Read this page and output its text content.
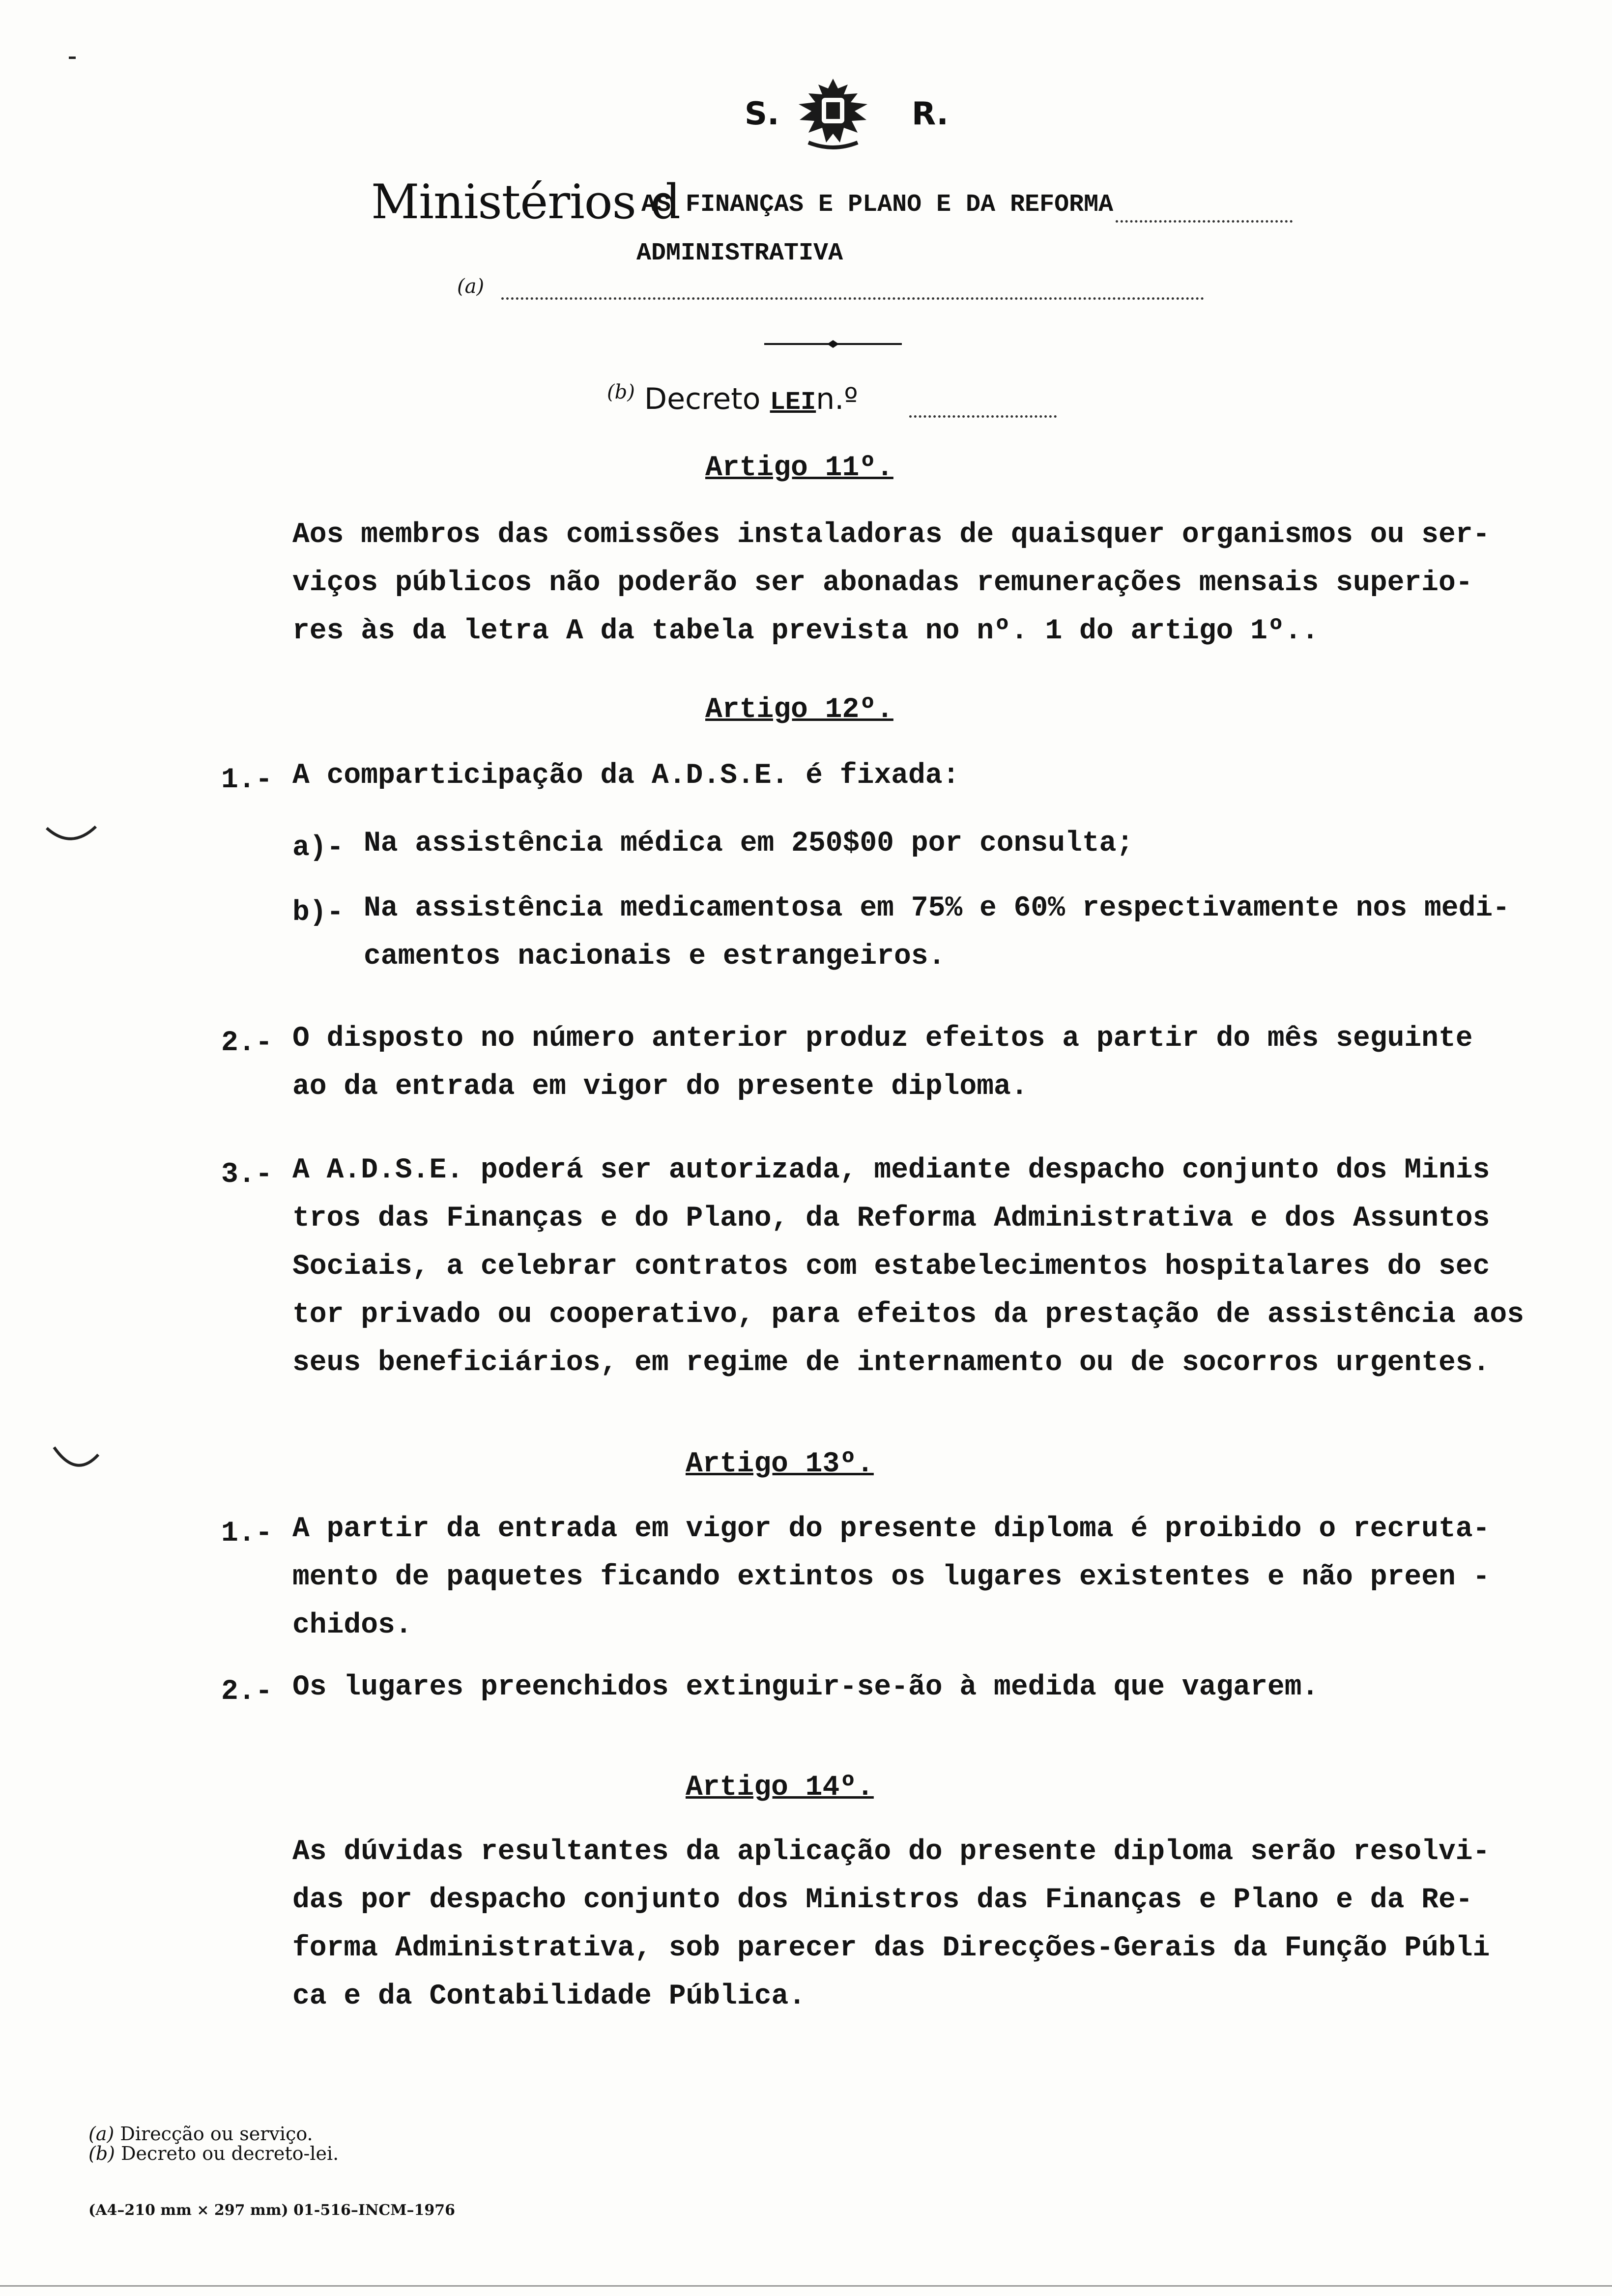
S.	R.
Ministérios d
AS FINANÇAS E PLANO E DA REFORMA
ADMINISTRATIVA
(a)
$^{(b)}$ Decreto LEIn.º
Artigo 11º.

Aos membros das comissões instaladoras de quaisquer organismos ou ser-

viços públicos não poderão ser abonadas remunerações mensais superio-

res às da letra A da tabela prevista no nº. 1 do artigo 1º..

Artigo 12º.
1.- A comparticipação da A.D.S.E. é fixada:

a)- Na assistência médica em 250$00 por consulta;

b)- Na assistência medicamentosa em 75% e 60% respectivamente nos medi-

camentos nacionais e estrangeiros.

2.- O disposto no número anterior produz efeitos a partir do mês seguinte

ao da entrada em vigor do presente diploma.

3.- A A.D.S.E. poderá ser autorizada, mediante despacho conjunto dos Minis

tros das Finanças e do Plano, da Reforma Administrativa e dos Assuntos

Sociais, a celebrar contratos com estabelecimentos hospitalares do sec

tor privado ou cooperativo, para efeitos da prestação de assistência aos

seus beneficiários, em regime de internamento ou de socorros urgentes.

Artigo 13º.
1.- A partir da entrada em vigor do presente diploma é proibido o recruta-

mento de paquetes ficando extintos os lugares existentes e não preen -

chidos.

2.- Os lugares preenchidos extinguir-se-ão à medida que vagarem.

Artigo 14º.

As dúvidas resultantes da aplicação do presente diploma serão resolvi-

das por despacho conjunto dos Ministros das Finanças e Plano e da Re-

forma Administrativa, sob parecer das Direcções-Gerais da Função Públi

ca e da Contabilidade Pública.

(a) Direcção ou serviço.
(b) Decreto ou decreto-lei.
(A4–210 mm × 297 mm) 01-516–INCM–1976
